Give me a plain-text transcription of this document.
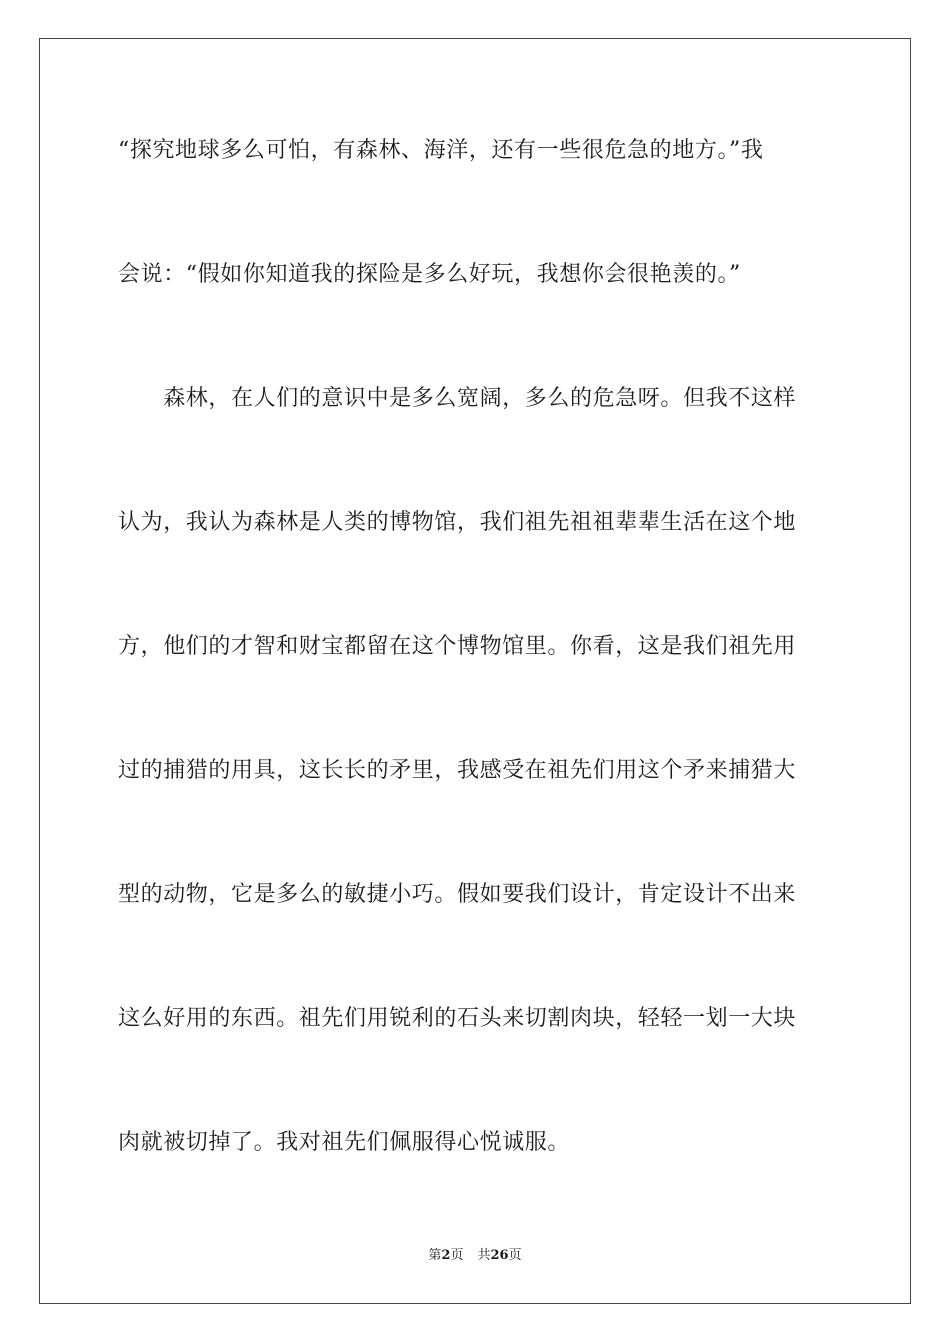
“探究地球多么可怕，有森林、海洋，还有一些很危急的地方。”我
会说：“假如你知道我的探险是多么好玩，我想你会很艳羡的。”
　　森林，在人们的意识中是多么宽阔，多么的危急呀。但我不这样
认为，我认为森林是人类的博物馆，我们祖先祖祖辈辈生活在这个地
方，他们的才智和财宝都留在这个博物馆里。你看，这是我们祖先用
过的捕猎的用具，这长长的矛里，我感受在祖先们用这个矛来捕猎大
型的动物，它是多么的敏捷小巧。假如要我们设计，肯定设计不出来
这么好用的东西。祖先们用锐利的石头来切割肉块，轻轻一划一大块
肉就被切掉了。我对祖先们佩服得心悦诚服。
第2页 共26页
